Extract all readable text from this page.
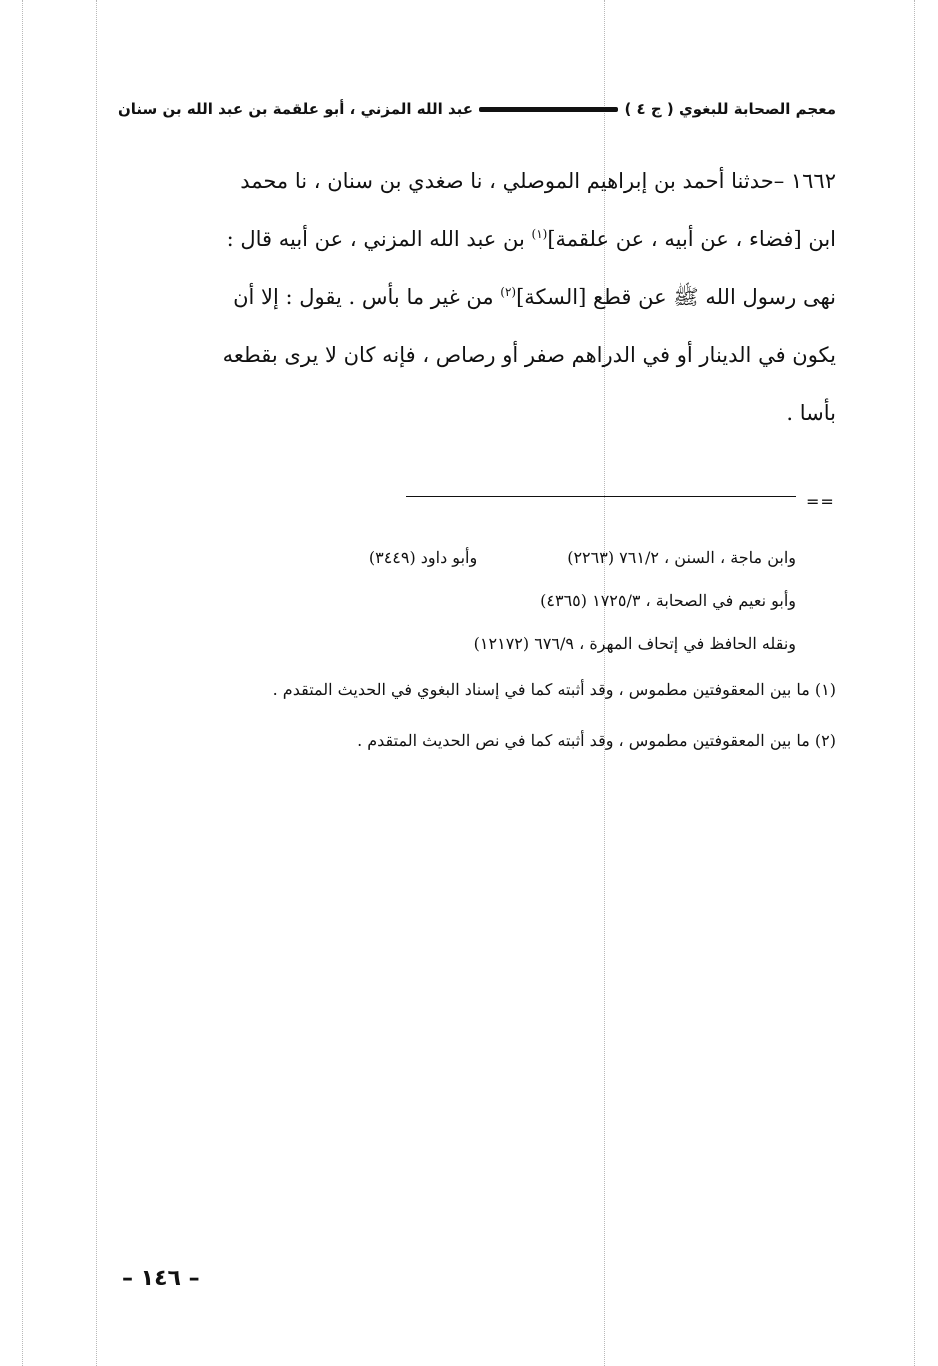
معجم الصحابة للبغوي ( ج ٤ )
عبد الله المزني ، أبو علقمة بن عبد الله بن سنان

١٦٦٢ –حدثنا أحمد بن إبراهيم الموصلي ، نا صغدي بن سنان ، نا محمد

ابن [فضاء ، عن أبيه ، عن علقمة]$^{(١)}$ بن عبد الله المزني ، عن أبيه قال :

نهى رسول الله ﷺ عن قطع [السكة]$^{(٢)}$ من غير ما بأس . يقول : إلا أن

يكون في الدينار أو في الدراهم صفر أو رصاص ، فإنه كان لا يرى بقطعه

بأسا .

==
وابن ماجة ، السنن ، ٧٦١/٢ (٢٢٦٣)وأبو داود (٣٤٤٩)
وأبو نعيم في الصحابة ، ١٧٢٥/٣ (٤٣٦٥)
ونقله الحافظ في إتحاف المهرة ، ٦٧٦/٩ (١٢١٧٢)
(١) ما بين المعقوفتين مطموس ، وقد أثبته كما في إسناد البغوي في الحديث المتقدم .
(٢) ما بين المعقوفتين مطموس ، وقد أثبته كما في نص الحديث المتقدم .
– ١٤٦ –
